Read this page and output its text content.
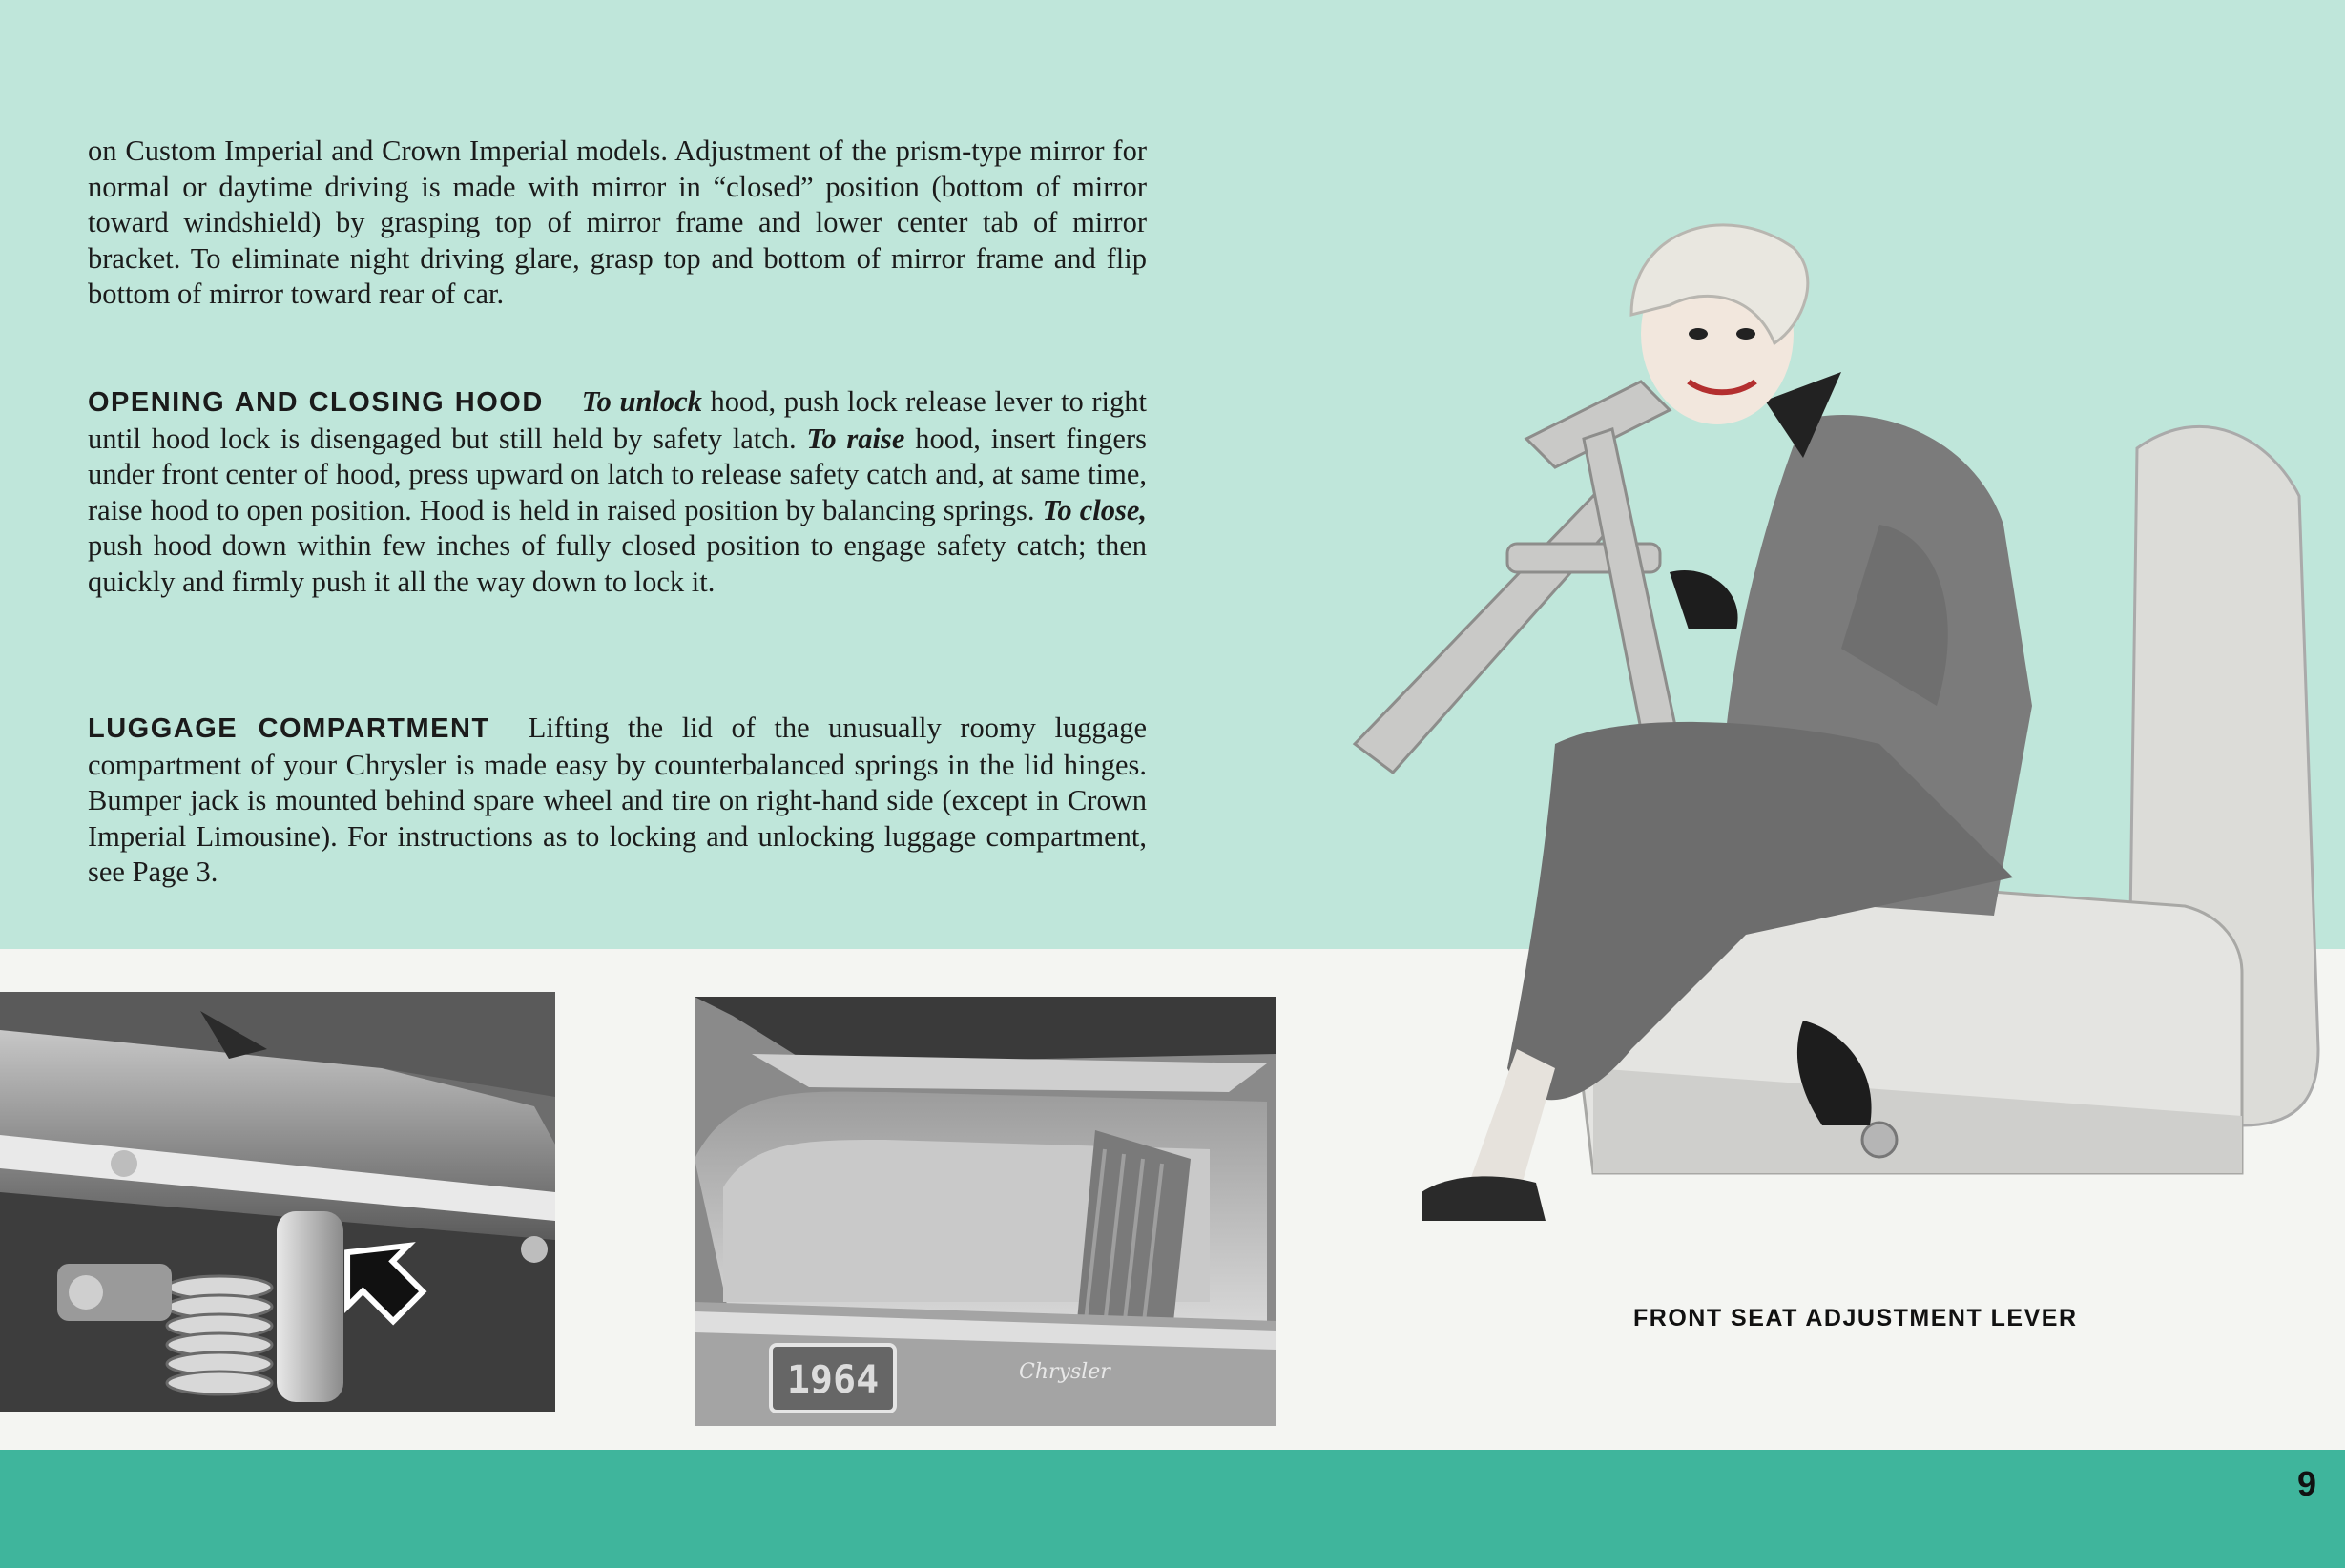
on Custom Imperial and Crown Imperial models. Adjustment of the prism-type mirror for normal or daytime driving is made with mirror in “closed” position (bottom of mirror toward windshield) by grasping top of mirror frame and lower center tab of mirror bracket. To eliminate night driving glare, grasp top and bottom of mirror frame and flip bottom of mirror toward rear of car.
OPENING AND CLOSING HOOD To unlock hood, push lock release lever to right until hood lock is disengaged but still held by safety latch. To raise hood, insert fingers under front center of hood, press upward on latch to release safety catch and, at same time, raise hood to open position. Hood is held in raised position by balancing springs. To close, push hood down within few inches of fully closed position to engage safety catch; then quickly and firmly push it all the way down to lock it.
LUGGAGE COMPARTMENT Lifting the lid of the unusually roomy luggage compartment of your Chrysler is made easy by counterbalanced springs in the lid hinges. Bumper jack is mounted behind spare wheel and tire on right-hand side (except in Crown Imperial Limousine). For instructions as to locking and unlocking luggage compartment, see Page 3.
1964	Chrysler
FRONT SEAT ADJUSTMENT LEVER
9
